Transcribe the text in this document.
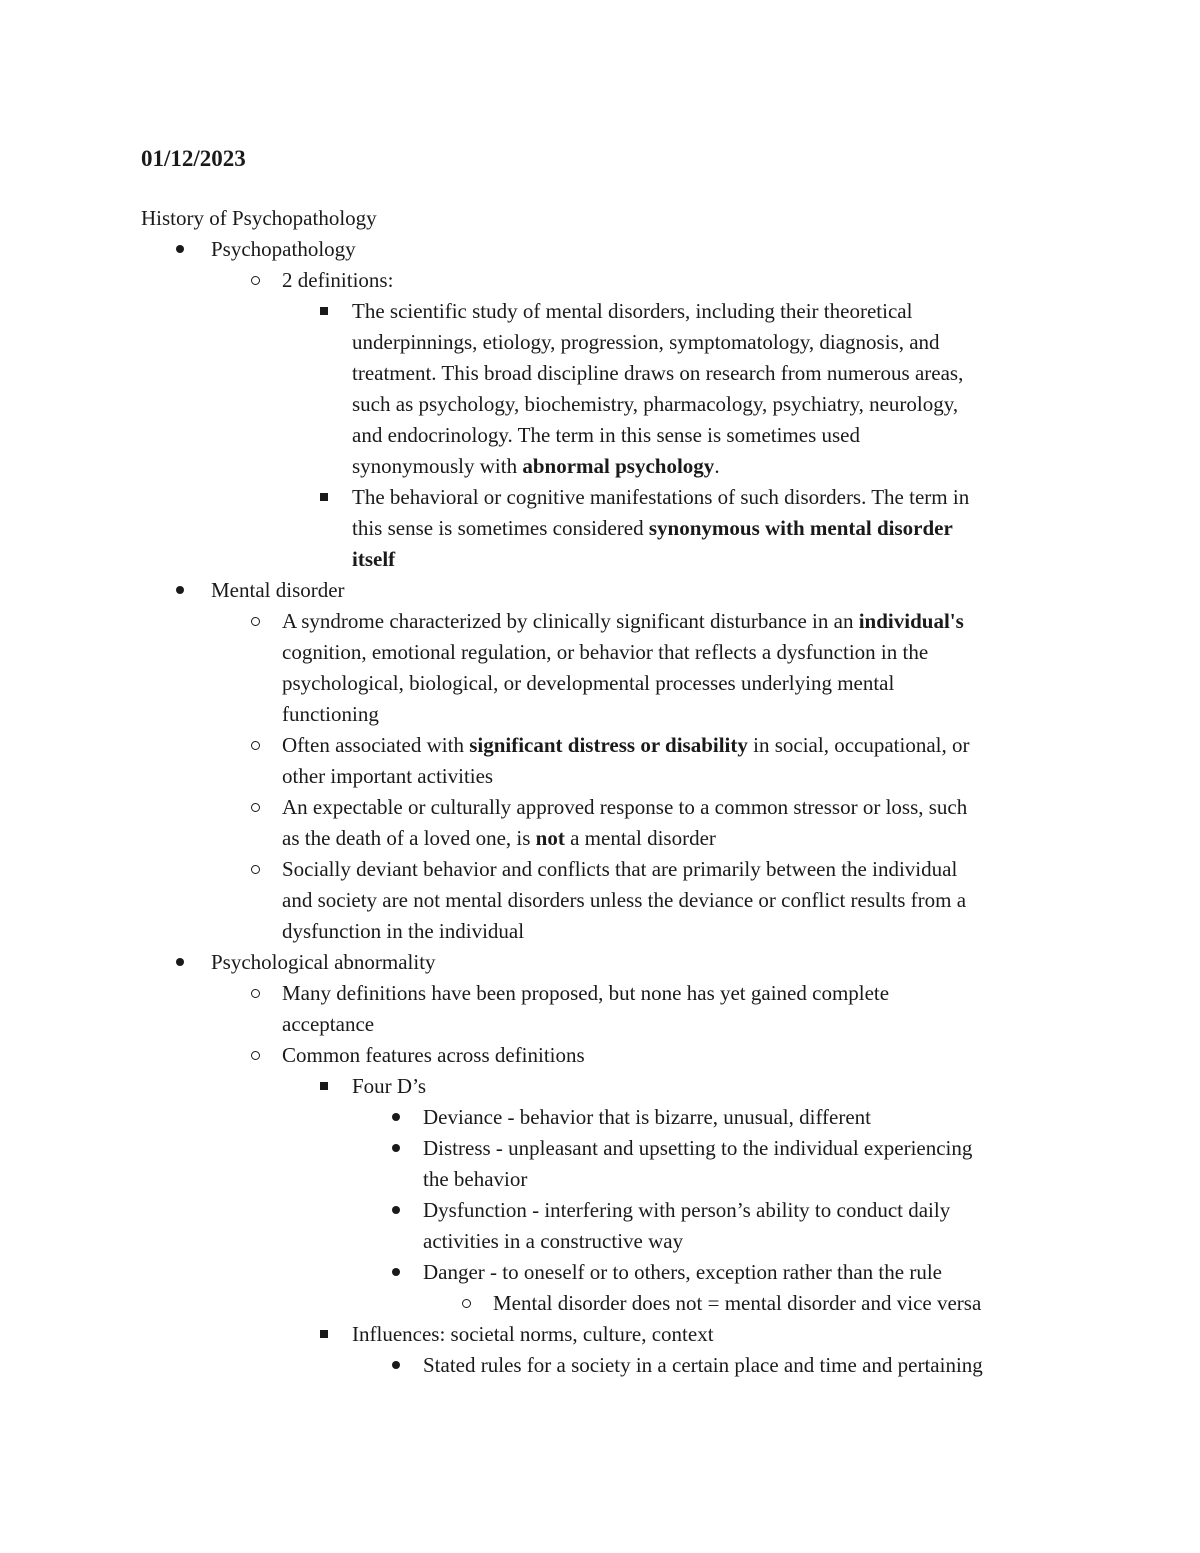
01/12/2023
History of Psychopathology
Psychopathology
2 definitions:
The scientific study of mental disorders, including their theoretical
underpinnings, etiology, progression, symptomatology, diagnosis, and
treatment. This broad discipline draws on research from numerous areas,
such as psychology, biochemistry, pharmacology, psychiatry, neurology,
and endocrinology. The term in this sense is sometimes used
synonymously with abnormal psychology.
The behavioral or cognitive manifestations of such disorders. The term in
this sense is sometimes considered synonymous with mental disorder
itself
Mental disorder
A syndrome characterized by clinically significant disturbance in an individual's
cognition, emotional regulation, or behavior that reflects a dysfunction in the
psychological, biological, or developmental processes underlying mental
functioning
Often associated with significant distress or disability in social, occupational, or
other important activities
An expectable or culturally approved response to a common stressor or loss, such
as the death of a loved one, is not a mental disorder
Socially deviant behavior and conflicts that are primarily between the individual
and society are not mental disorders unless the deviance or conflict results from a
dysfunction in the individual
Psychological abnormality
Many definitions have been proposed, but none has yet gained complete
acceptance
Common features across definitions
Four D’s
Deviance - behavior that is bizarre, unusual, different
Distress - unpleasant and upsetting to the individual experiencing
the behavior
Dysfunction - interfering with person’s ability to conduct daily
activities in a constructive way
Danger - to oneself or to others, exception rather than the rule
Mental disorder does not = mental disorder and vice versa
Influences: societal norms, culture, context
Stated rules for a society in a certain place and time and pertaining
